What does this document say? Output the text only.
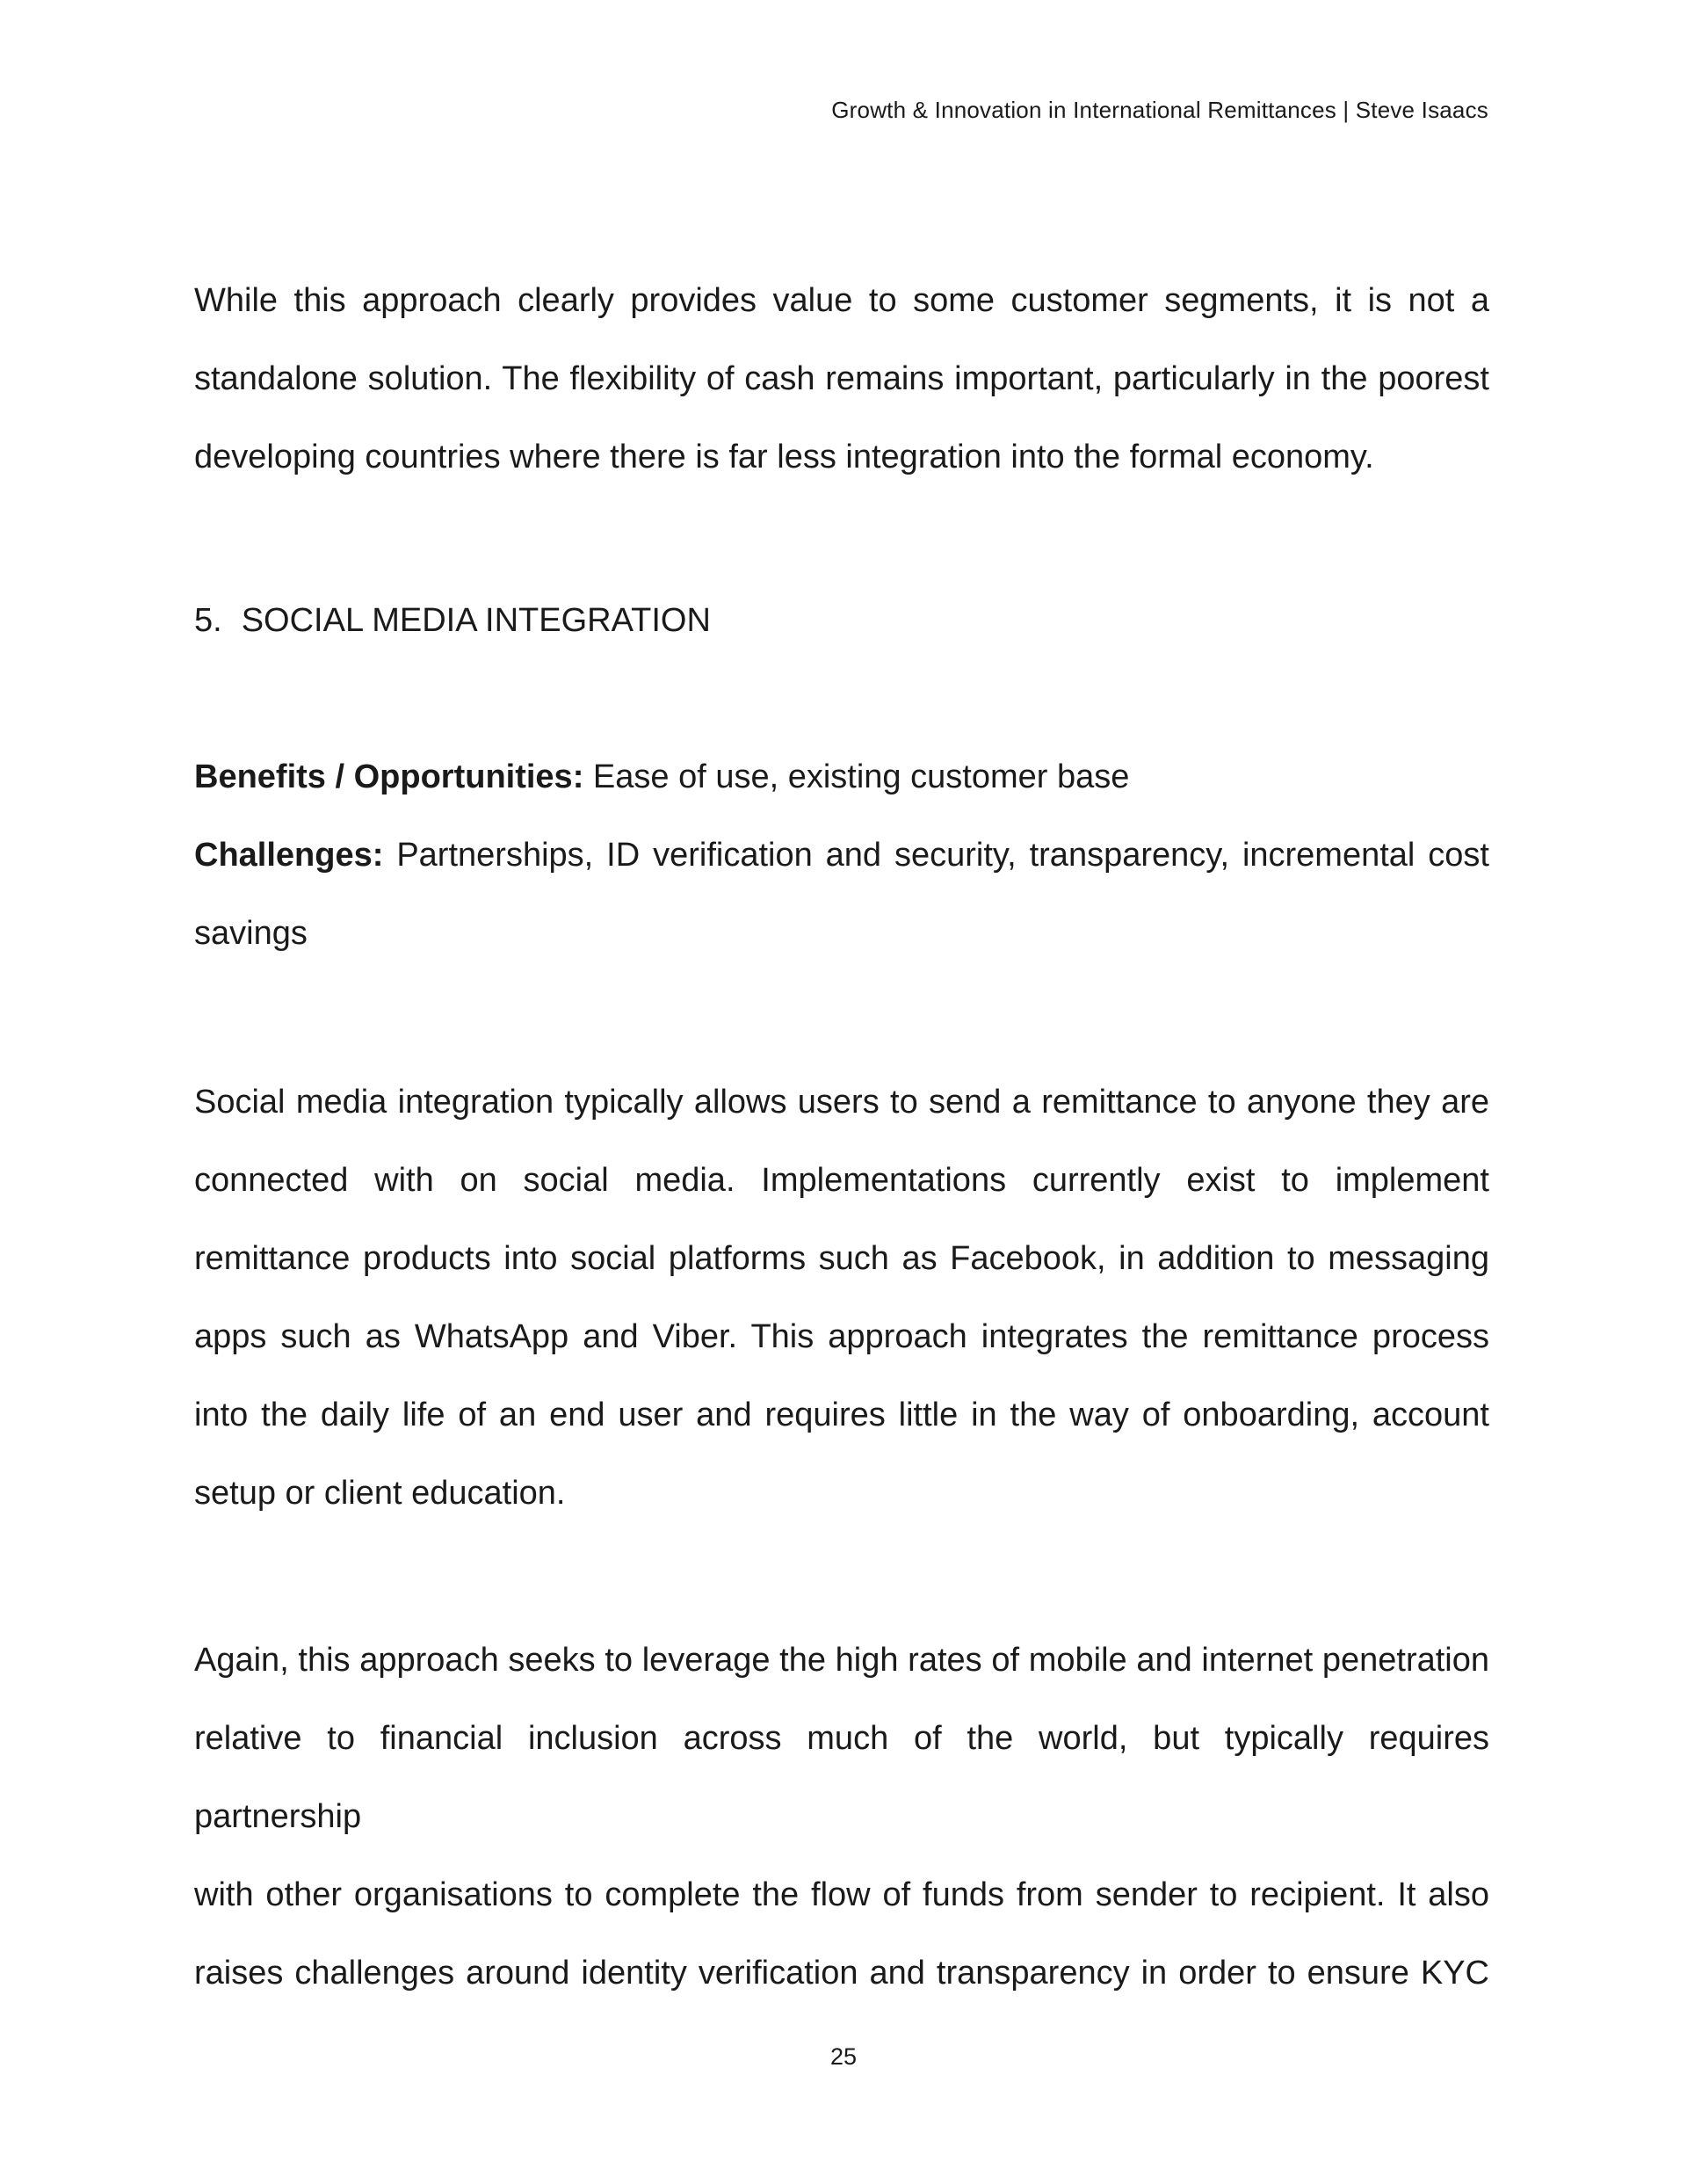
Growth & Innovation in International Remittances | Steve Isaacs
While this approach clearly provides value to some customer segments, it is not a
standalone solution. The flexibility of cash remains important, particularly in the poorest
developing countries where there is far less integration into the formal economy.
5. SOCIAL MEDIA INTEGRATION
Benefits / Opportunities: Ease of use, existing customer base
Challenges: Partnerships, ID verification and security, transparency, incremental cost
savings
Social media integration typically allows users to send a remittance to anyone they are
connected with on social media. Implementations currently exist to implement
remittance products into social platforms such as Facebook, in addition to messaging
apps such as WhatsApp and Viber. This approach integrates the remittance process
into the daily life of an end user and requires little in the way of onboarding, account
setup or client education.
Again, this approach seeks to leverage the high rates of mobile and internet penetration
relative to financial inclusion across much of the world, but typically requires partnership
with other organisations to complete the flow of funds from sender to recipient. It also
raises challenges around identity verification and transparency in order to ensure KYC
25
